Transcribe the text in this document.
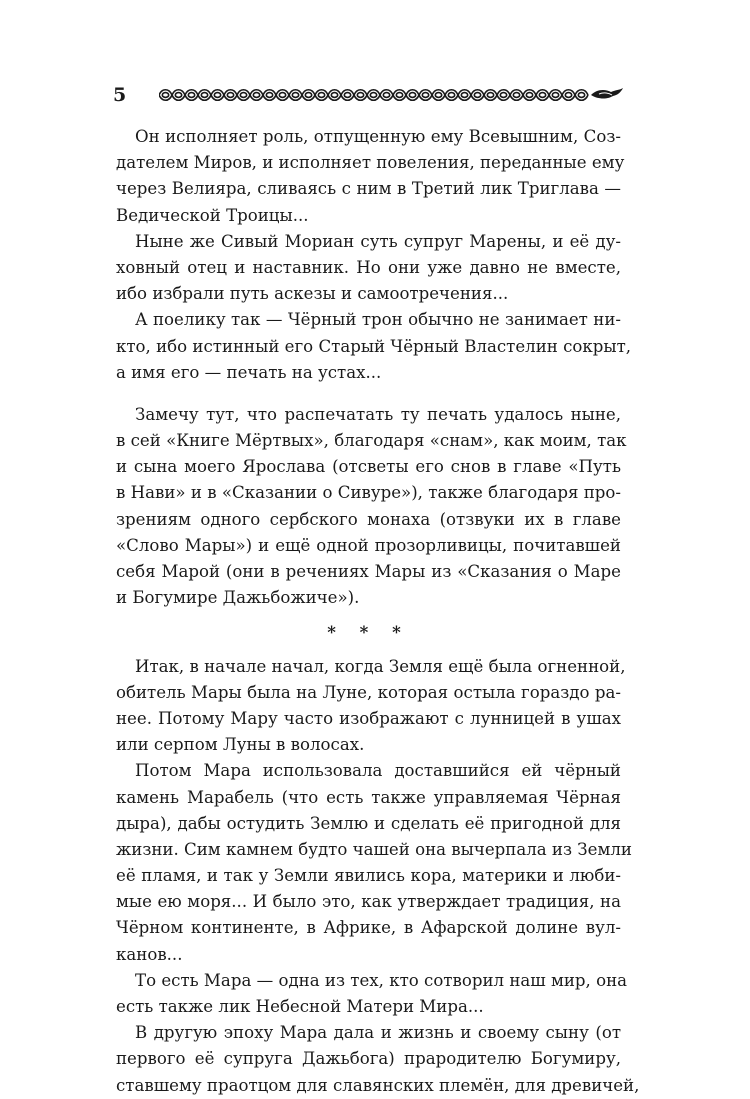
5
Он исполняет роль, отпущенную ему Всевышним, Соз-
дателем Миров, и исполняет повеления, переданные ему
через Велияра, сливаясь с ним в Третий лик Триглава —
Ведической Троицы...
Ныне же Сивый Мориан суть супруг Марены, и её ду-
ховный отец и наставник. Но они уже давно не вместе,
ибо избрали путь аскезы и самоотречения...
А поелику так — Чёрный трон обычно не занимает ни-
кто, ибо истинный его Старый Чёрный Властелин сокрыт,
а имя его — печать на устах...
Замечу тут, что распечатать ту печать удалось ныне,
в сей «Книге Мёртвых», благодаря «снам», как моим, так
и сына моего Ярослава (отсветы его снов в главе «Путь
в Нави» и в «Сказании о Сивуре»), также благодаря про-
зрениям одного сербского монаха (отзвуки их в главе
«Слово Мары») и ещё одной прозорливицы, почитавшей
себя Марой (они в речениях Мары из «Сказания о Маре
и Богумире Дажьбожиче»).
* * *
Итак, в начале начал, когда Земля ещё была огненной,
обитель Мары была на Луне, которая остыла гораздо ра-
нее. Потому Мару часто изображают с лунницей в ушах
или серпом Луны в волосах.
Потом Мара использовала доставшийся ей чёрный
камень Марабель (что есть также управляемая Чёрная
дыра), дабы остудить Землю и сделать её пригодной для
жизни. Сим камнем будто чашей она вычерпала из Земли
её пламя, и так у Земли явились кора, материки и люби-
мые ею моря... И было это, как утверждает традиция, на
Чёрном континенте, в Африке, в Афарской долине вул-
канов...
То есть Мара — одна из тех, кто сотворил наш мир, она
есть также лик Небесной Матери Мира...
В другую эпоху Мара дала и жизнь и своему сыну (от
первого её супруга Дажьбога) прародителю Богумиру,
ставшему праотцом для славянских племён, для древичей,
